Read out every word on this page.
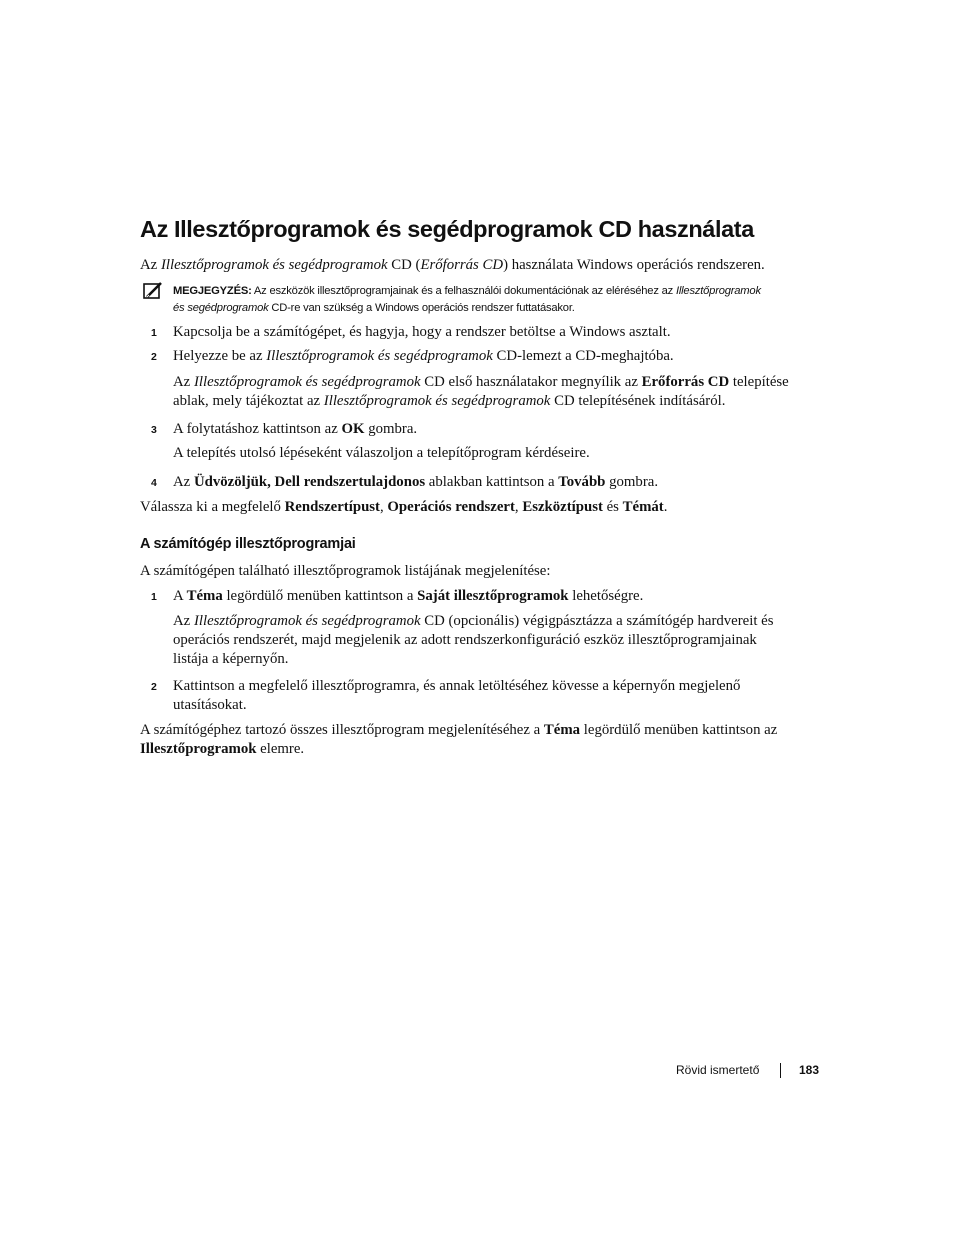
Az Illesztőprogramok és segédprogramok CD használata
Az Illesztőprogramok és segédprogramok CD (Erőforrás CD) használata Windows operációs rendszeren.
MEGJEGYZÉS: Az eszközök illesztőprogramjainak és a felhasználói dokumentációnak az eléréséhez az Illesztőprogramok
és segédprogramok CD-re van szükség a Windows operációs rendszer futtatásakor.
1 Kapcsolja be a számítógépet, és hagyja, hogy a rendszer betöltse a Windows asztalt.
2 Helyezze be az Illesztőprogramok és segédprogramok CD-lemezt a CD-meghajtóba.
Az Illesztőprogramok és segédprogramok CD első használatakor megnyílik az Erőforrás CD telepítése
ablak, mely tájékoztat az Illesztőprogramok és segédprogramok CD telepítésének indításáról.
3 A folytatáshoz kattintson az OK gombra.
A telepítés utolsó lépéseként válaszoljon a telepítőprogram kérdéseire.
4 Az Üdvözöljük, Dell rendszertulajdonos ablakban kattintson a Tovább gombra.
Válassza ki a megfelelő Rendszertípust, Operációs rendszert, Eszköztípust és Témát.
A számítógép illesztőprogramjai
A számítógépen található illesztőprogramok listájának megjelenítése:
1 A Téma legördülő menüben kattintson a Saját illesztőprogramok lehetőségre.
Az Illesztőprogramok és segédprogramok CD (opcionális) végigpásztázza a számítógép hardvereit és
operációs rendszerét, majd megjelenik az adott rendszerkonfiguráció eszköz illesztőprogramjainak
listája a képernyőn.
2 Kattintson a megfelelő illesztőprogramra, és annak letöltéséhez kövesse a képernyőn megjelenő
utasításokat.
A számítógéphez tartozó összes illesztőprogram megjelenítéséhez a Téma legördülő menüben kattintson az
Illesztőprogramok elemre.
Rövid ismertető	183
